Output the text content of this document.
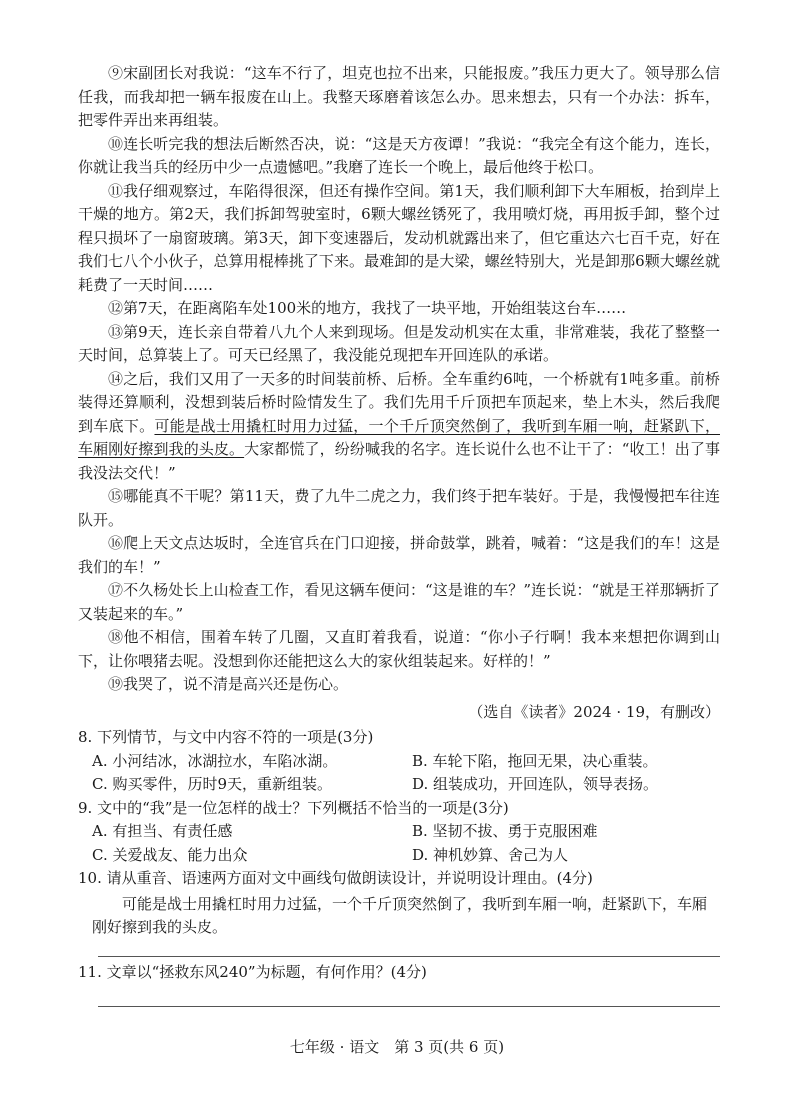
⑨宋副团长对我说：“这车不行了，坦克也拉不出来，只能报废。”我压力更大了。领导那么信任我，而我却把一辆车报废在山上。我整天琢磨着该怎么办。思来想去，只有一个办法：拆车，把零件弄出来再组装。

⑩连长听完我的想法后断然否决，说：“这是天方夜谭！”我说：“我完全有这个能力，连长，你就让我当兵的经历中少一点遗憾吧。”我磨了连长一个晚上，最后他终于松口。

⑪我仔细观察过，车陷得很深，但还有操作空间。第1天，我们顺利卸下大车厢板，抬到岸上干燥的地方。第2天，我们拆卸驾驶室时，6颗大螺丝锈死了，我用喷灯烧，再用扳手卸，整个过程只损坏了一扇窗玻璃。第3天，卸下变速器后，发动机就露出来了，但它重达六七百千克，好在我们七八个小伙子，总算用棍棒挑了下来。最难卸的是大梁，螺丝特别大，光是卸那6颗大螺丝就耗费了一天时间……

⑫第7天，在距离陷车处100米的地方，我找了一块平地，开始组装这台车……

⑬第9天，连长亲自带着八九个人来到现场。但是发动机实在太重，非常难装，我花了整整一天时间，总算装上了。可天已经黑了，我没能兑现把车开回连队的承诺。

⑭之后，我们又用了一天多的时间装前桥、后桥。全车重约6吨，一个桥就有1吨多重。前桥装得还算顺利，没想到装后桥时险情发生了。我们先用千斤顶把车顶起来，垫上木头，然后我爬到车底下。可能是战士用撬杠时用力过猛，一个千斤顶突然倒了，我听到车厢一响，赶紧趴下，车厢刚好擦到我的头皮。大家都慌了，纷纷喊我的名字。连长说什么也不让干了：“收工！出了事我没法交代！”

⑮哪能真不干呢？第11天，费了九牛二虎之力，我们终于把车装好。于是，我慢慢把车往连队开。

⑯爬上天文点达坂时，全连官兵在门口迎接，拼命鼓掌，跳着，喊着：“这是我们的车！这是我们的车！”

⑰不久杨处长上山检查工作，看见这辆车便问：“这是谁的车？”连长说：“就是王祥那辆折了又装起来的车。”

⑱他不相信，围着车转了几圈，又直盯着我看，说道：“你小子行啊！我本来想把你调到山下，让你喂猪去呢。没想到你还能把这么大的家伙组装起来。好样的！”

⑲我哭了，说不清是高兴还是伤心。

（选自《读者》2024 · 19，有删改）

8. 下列情节，与文中内容不符的一项是(3分)

A. 小河结冰，冰湖拉水，车陷冰湖。	B. 车轮下陷，拖回无果，决心重装。
C. 购买零件，历时9天，重新组装。	D. 组装成功，开回连队，领导表扬。

9. 文中的“我”是一位怎样的战士？下列概括不恰当的一项是(3分)

A. 有担当、有责任感	B. 坚韧不拔、勇于克服困难
C. 关爱战友、能力出众	D. 神机妙算、舍己为人

10. 请从重音、语速两方面对文中画线句做朗读设计，并说明设计理由。(4分)

可能是战士用撬杠时用力过猛，一个千斤顶突然倒了，我听到车厢一响，赶紧趴下，车厢刚好擦到我的头皮。

11. 文章以“拯救东风240”为标题，有何作用？(4分)

七年级 · 语文　第 3 页(共 6 页)
